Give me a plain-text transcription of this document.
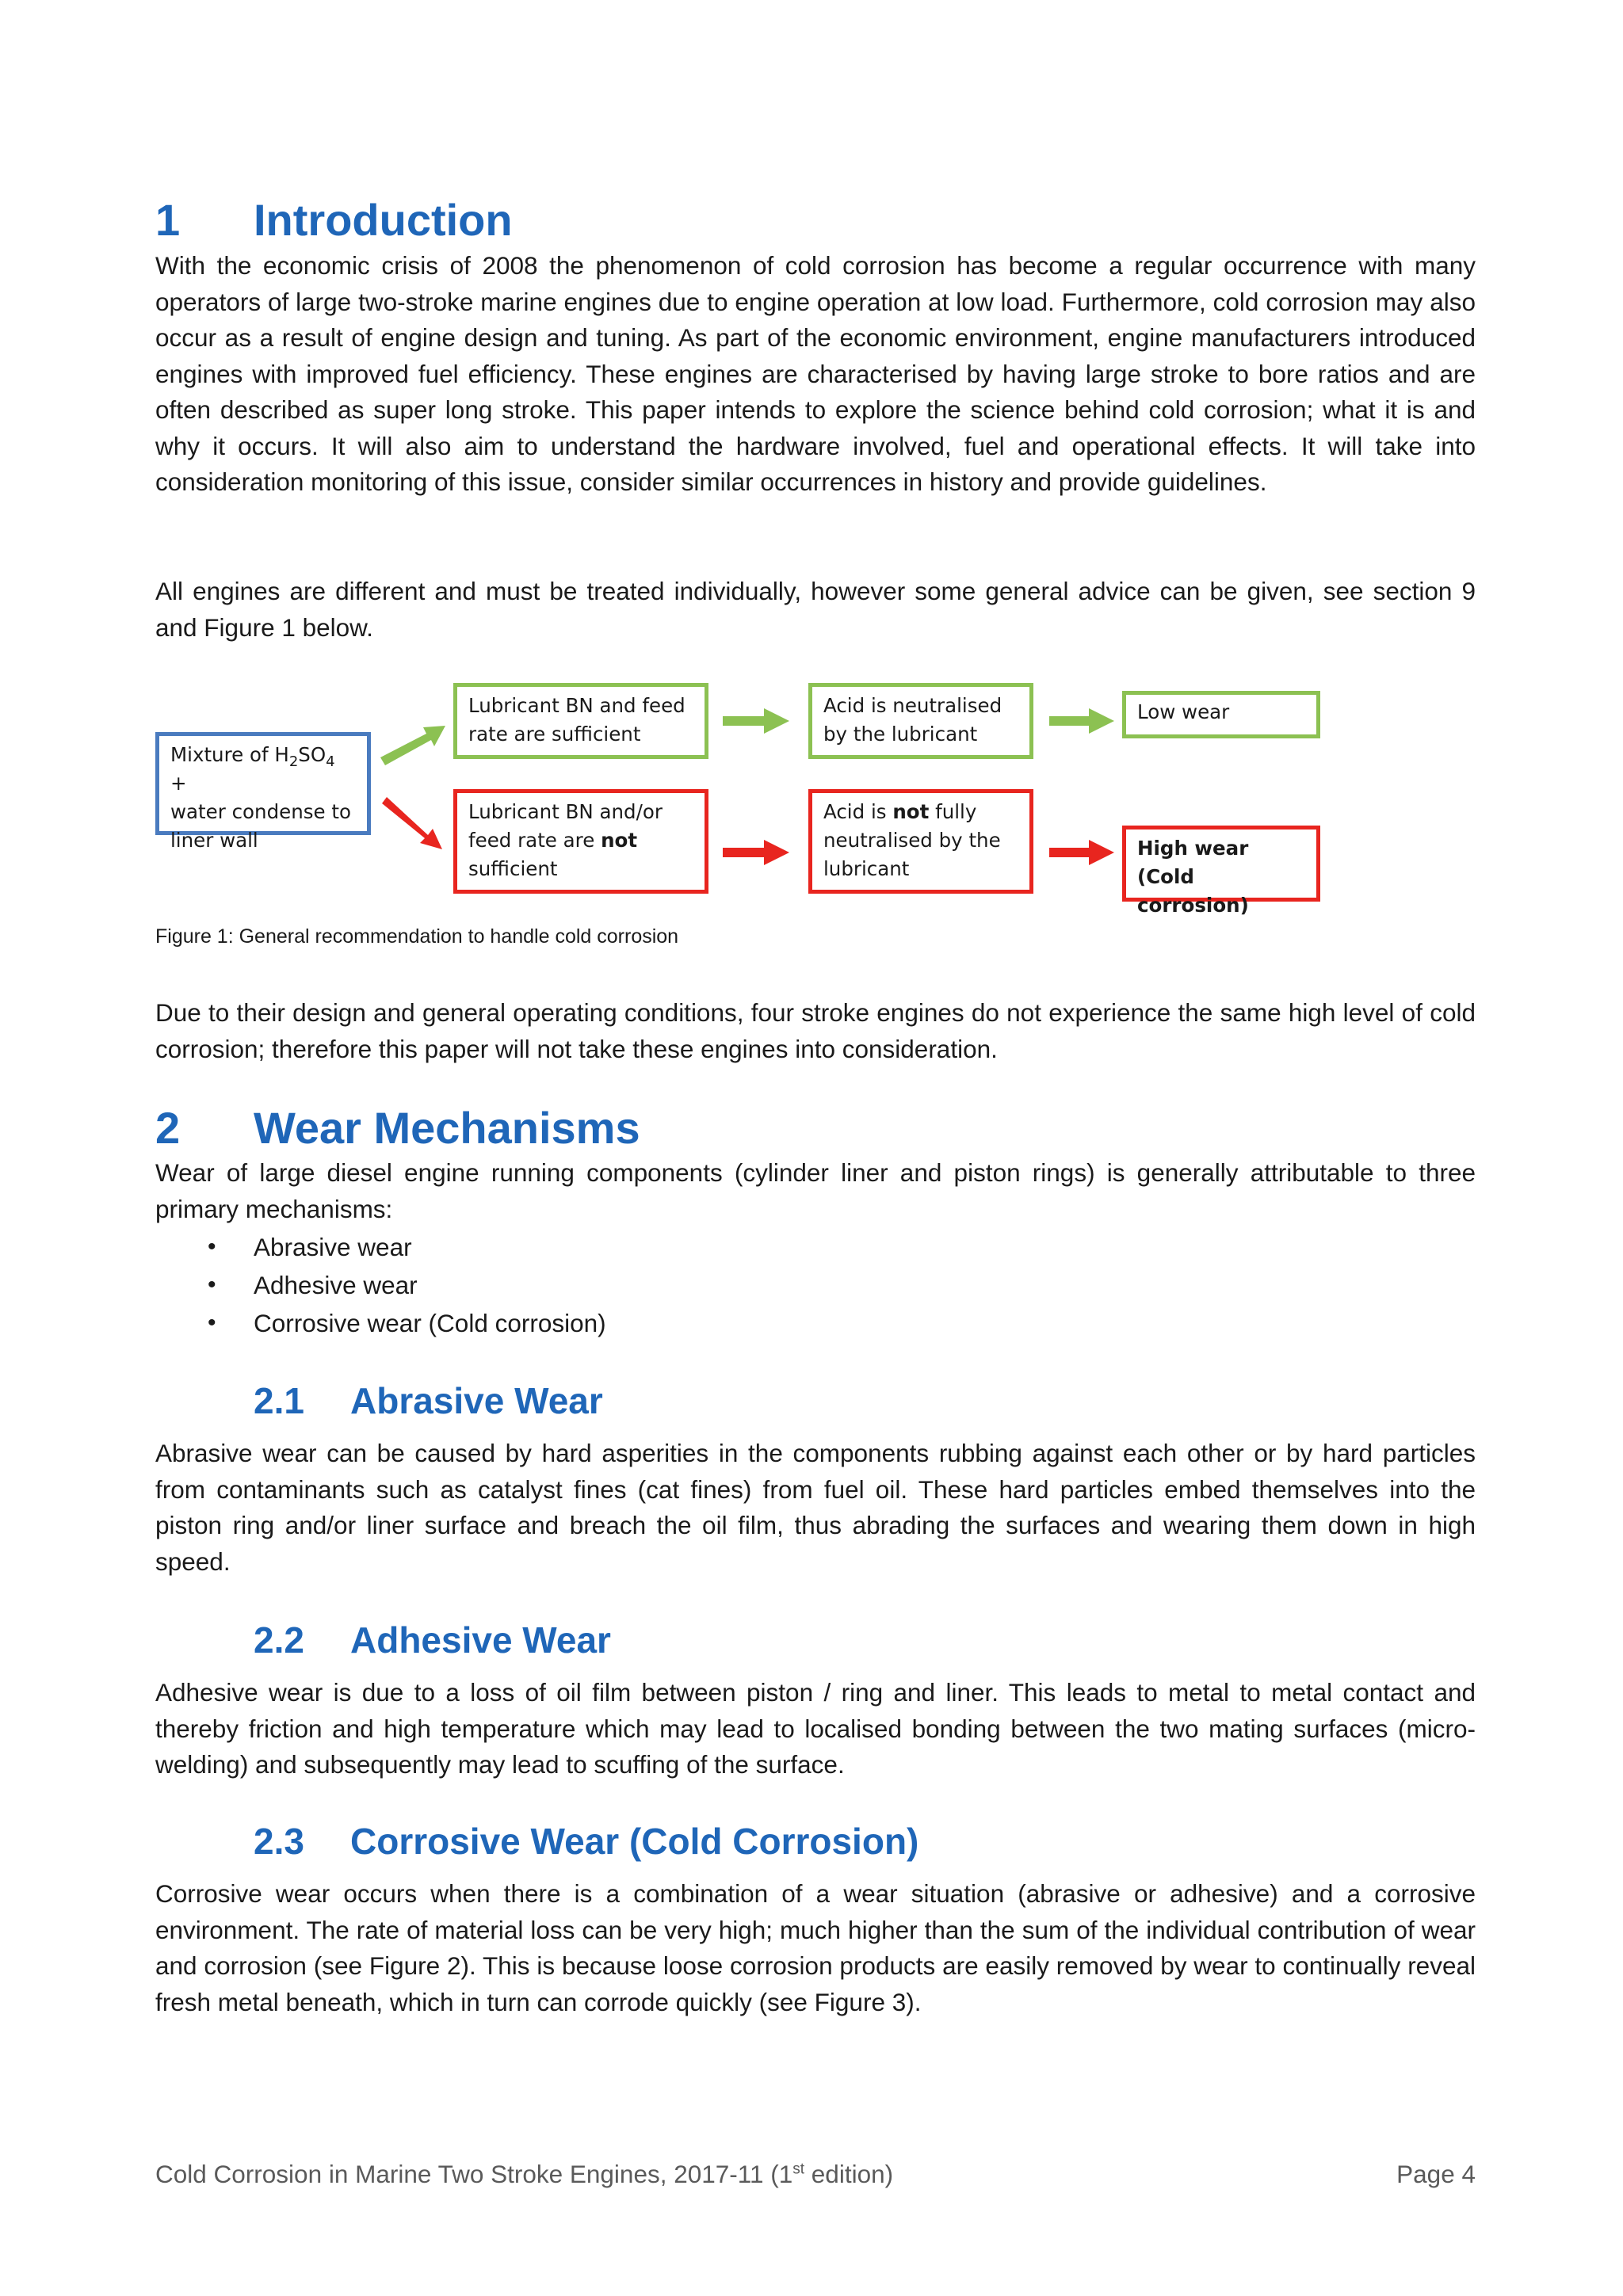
1 Introduction

With the economic crisis of 2008 the phenomenon of cold corrosion has become a regular occurrence with many operators of large two-stroke marine engines due to engine operation at low load. Furthermore, cold corrosion may also occur as a result of engine design and tuning. As part of the economic environment, engine manufacturers introduced engines with improved fuel efficiency. These engines are characterised by having large stroke to bore ratios and are often described as super long stroke. This paper intends to explore the science behind cold corrosion; what it is and why it occurs. It will also aim to understand the hardware involved, fuel and operational effects. It will take into consideration monitoring of this issue, consider similar occurrences in history and provide guidelines.

All engines are different and must be treated individually, however some general advice can be given, see section 9 and Figure 1 below.

Mixture of $H_2SO_4$ +
water condense to
liner wall
Lubricant BN and feed
rate are sufficient
Acid is neutralised
by the lubricant
Low wear
Lubricant BN and/or
feed rate are not
sufficient
Acid is not fully
neutralised by the
lubricant
High wear
(Cold corrosion)
Figure 1: General recommendation to handle cold corrosion

Due to their design and general operating conditions, four stroke engines do not experience the same high level of cold corrosion; therefore this paper will not take these engines into consideration.

2 Wear Mechanisms

Wear of large diesel engine running components (cylinder liner and piston rings) is generally attributable to three primary mechanisms:

• Abrasive wear
• Adhesive wear
• Corrosive wear (Cold corrosion)
2.1 Abrasive Wear

Abrasive wear can be caused by hard asperities in the components rubbing against each other or by hard particles from contaminants such as catalyst fines (cat fines) from fuel oil. These hard particles embed themselves into the piston ring and/or liner surface and breach the oil film, thus abrading the surfaces and wearing them down in high speed.

2.2 Adhesive Wear

Adhesive wear is due to a loss of oil film between piston / ring and liner. This leads to metal to metal contact and thereby friction and high temperature which may lead to localised bonding between the two mating surfaces (micro-welding) and subsequently may lead to scuffing of the surface.

2.3 Corrosive Wear (Cold Corrosion)

Corrosive wear occurs when there is a combination of a wear situation (abrasive or adhesive) and a corrosive environment. The rate of material loss can be very high; much higher than the sum of the individual contribution of wear and corrosion (see Figure 2). This is because loose corrosion products are easily removed by wear to continually reveal fresh metal beneath, which in turn can corrode quickly (see Figure 3).

Cold Corrosion in Marine Two Stroke Engines, 2017-11 (1st edition)	Page 4
